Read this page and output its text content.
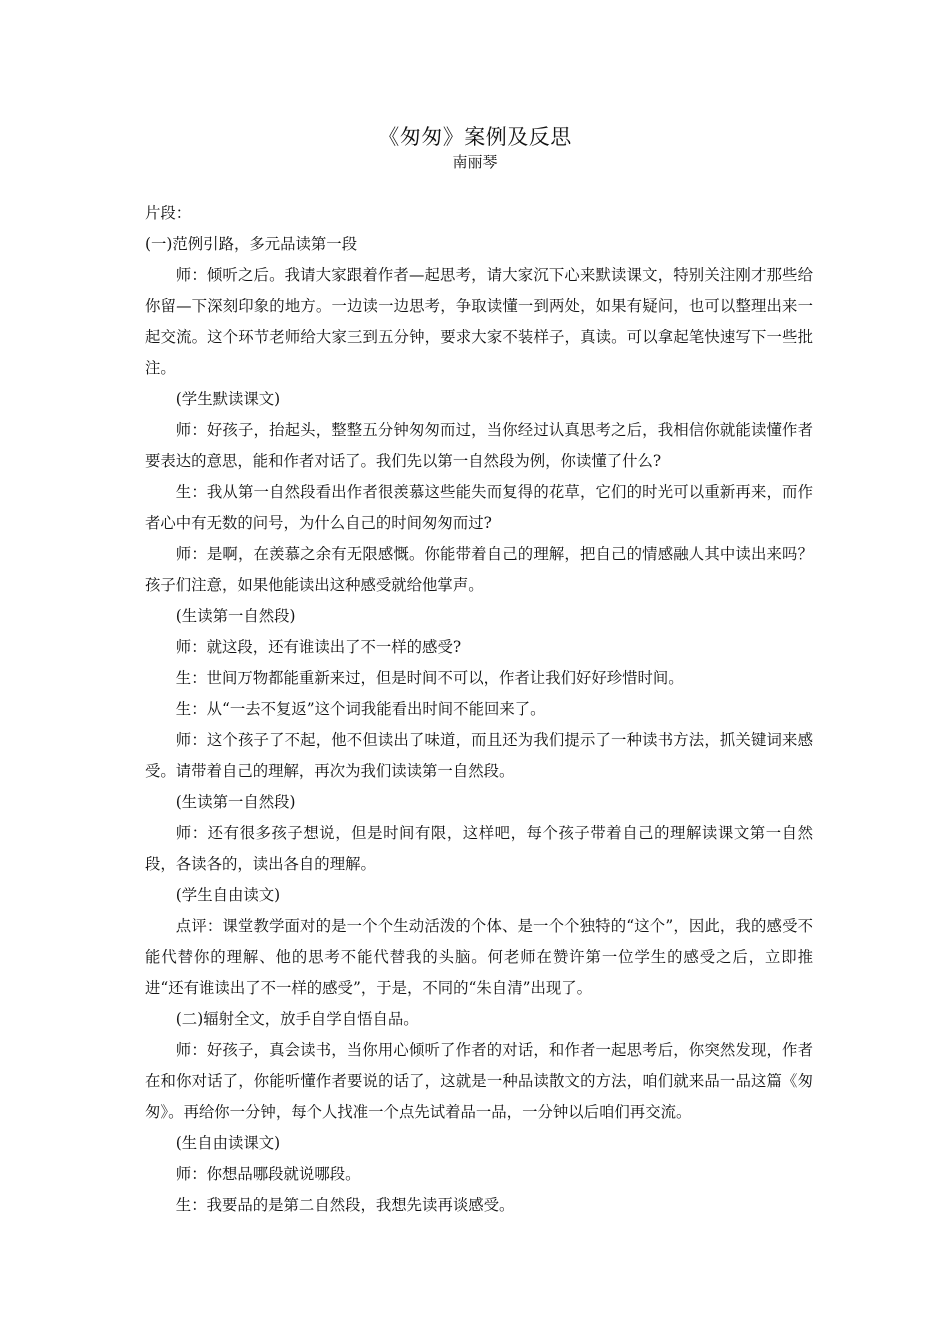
《匆匆》案例及反思
南丽琴

片段：

(一)范例引路，多元品读第一段

师：倾听之后。我请大家跟着作者—起思考，请大家沉下心来默读课文，特别关注刚才那些给你留—下深刻印象的地方。一边读一边思考，争取读懂一到两处，如果有疑问，也可以整理出来一起交流。这个环节老师给大家三到五分钟，要求大家不装样子，真读。可以拿起笔快速写下一些批注。

(学生默读课文)

师：好孩子，抬起头，整整五分钟匆匆而过，当你经过认真思考之后，我相信你就能读懂作者要表达的意思，能和作者对话了。我们先以第一自然段为例，你读懂了什么?

生：我从第一自然段看出作者很羡慕这些能失而复得的花草，它们的时光可以重新再来，而作者心中有无数的问号，为什么自己的时间匆匆而过?

师：是啊，在羡慕之余有无限感慨。你能带着自己的理解，把自己的情感融人其中读出来吗？孩子们注意，如果他能读出这种感受就给他掌声。

(生读第一自然段)

师：就这段，还有谁读出了不一样的感受?

生：世间万物都能重新来过，但是时间不可以，作者让我们好好珍惜时间。

生：从“一去不复返”这个词我能看出时间不能回来了。

师：这个孩子了不起，他不但读出了味道，而且还为我们提示了一种读书方法，抓关键词来感受。请带着自己的理解，再次为我们读读第一自然段。

(生读第一自然段)

师：还有很多孩子想说，但是时间有限，这样吧，每个孩子带着自己的理解读课文第一自然段，各读各的，读出各自的理解。

(学生自由读文)

点评：课堂教学面对的是一个个生动活泼的个体、是一个个独特的“这个”，因此，我的感受不能代替你的理解、他的思考不能代替我的头脑。何老师在赞许第一位学生的感受之后，立即推进“还有谁读出了不一样的感受”，于是，不同的“朱自清”出现了。

(二)辐射全文，放手自学自悟自品。

师：好孩子，真会读书，当你用心倾听了作者的对话，和作者一起思考后，你突然发现，作者在和你对话了，你能听懂作者要说的话了，这就是一种品读散文的方法，咱们就来品一品这篇《匆匆》。再给你一分钟，每个人找准一个点先试着品一品，一分钟以后咱们再交流。

(生自由读课文)

师：你想品哪段就说哪段。

生：我要品的是第二自然段，我想先读再谈感受。
